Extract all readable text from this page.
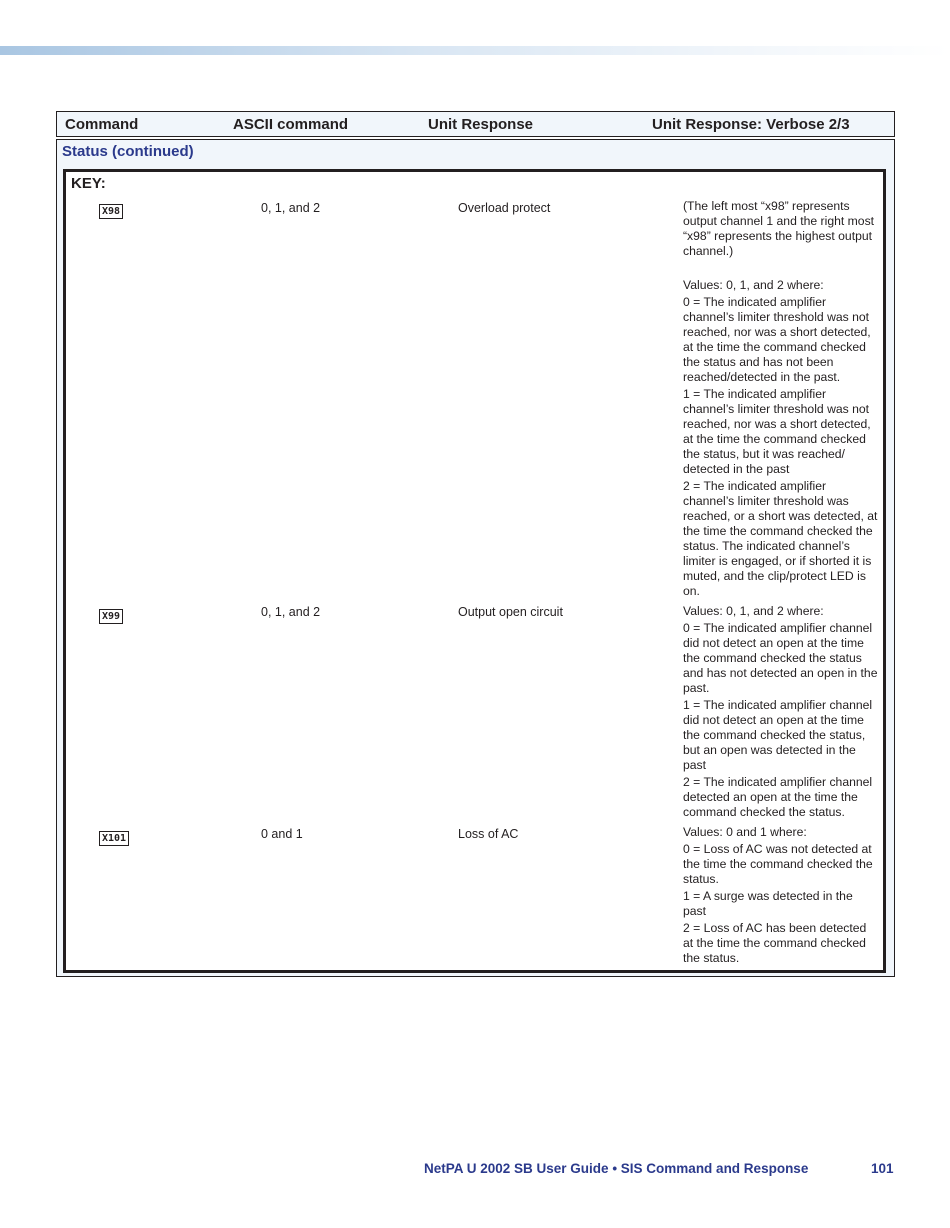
Command	ASCII command	Unit Response	Unit Response: Verbose 2/3
Status (continued)
KEY:
X98	0, 1, and 2	Overload protect	(The left most “x98” represents output channel 1 and the right most “x98” represents the highest output channel.)

Values: 0, 1, and 2 where:

0 = The indicated amplifier channel’s limiter threshold was not reached, nor was a short detected, at the time the command checked the status and has not been reached/detected in the past.

1 = The indicated amplifier channel’s limiter threshold was not reached, nor was a short detected, at the time the command checked the status, but it was reached/ detected in the past

2 = The indicated amplifier channel’s limiter threshold was reached, or a short was detected, at the time the command checked the status. The indicated channel’s limiter is engaged, or if shorted it is muted, and the clip/protect LED is on.

X99	0, 1, and 2	Output open circuit	Values: 0, 1, and 2 where:

0 = The indicated amplifier channel did not detect an open at the time the command checked the status and has not detected an open in the past.

1 = The indicated amplifier channel did not detect an open at the time the command checked the status, but an open was detected in the past

2 = The indicated amplifier channel detected an open at the time the command checked the status.

X101	0 and 1	Loss of AC	Values: 0 and 1 where:

0 = Loss of AC was not detected at the time the command checked the status.

1 = A surge was detected in the past

2 = Loss of AC has been detected at the time the command checked the status.

NetPA U 2002 SB User Guide • SIS Command and Response	101
